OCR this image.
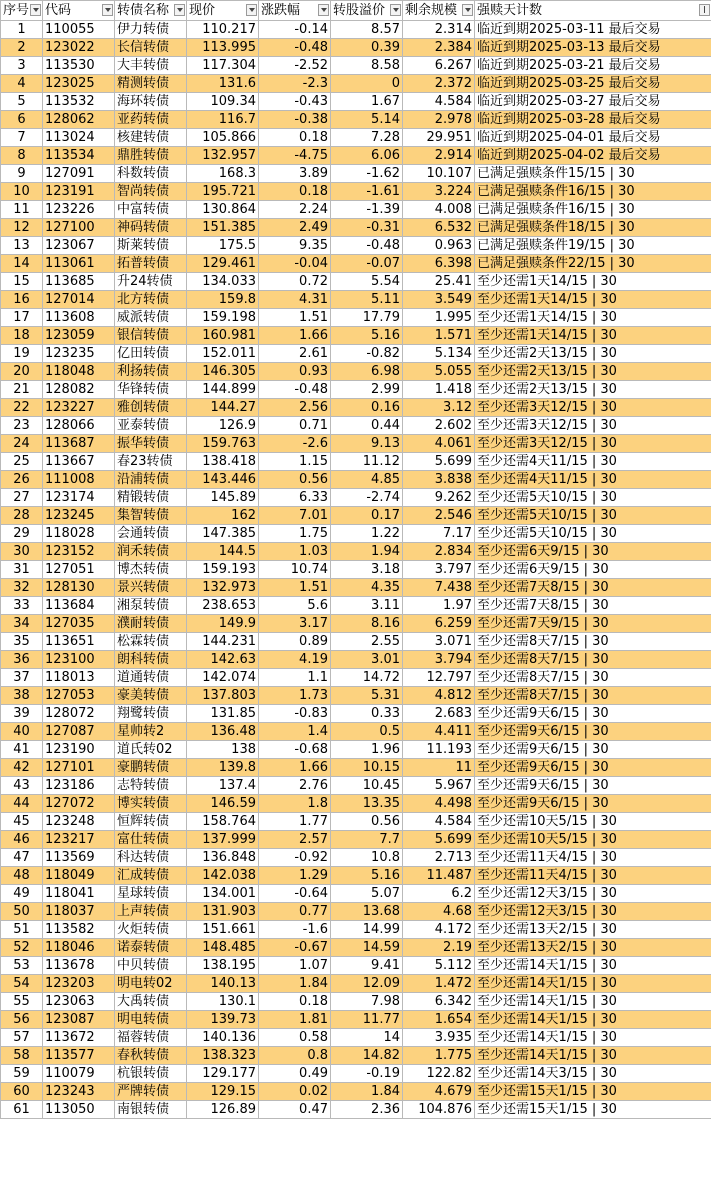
序号	代码	转债名称	现价	涨跌幅	转股溢价	剩余规模	强赎天计数

1	110055	伊力转债	110.217	-0.14	8.57	2.314	临近到期2025-03-11 最后交易
2	123022	长信转债	113.995	-0.48	0.39	2.384	临近到期2025-03-13 最后交易
3	113530	大丰转债	117.304	-2.52	8.58	6.267	临近到期2025-03-21 最后交易
4	123025	精测转债	131.6	-2.3	0	2.372	临近到期2025-03-25 最后交易
5	113532	海环转债	109.34	-0.43	1.67	4.584	临近到期2025-03-27 最后交易
6	128062	亚药转债	116.7	-0.38	5.14	2.978	临近到期2025-03-28 最后交易
7	113024	核建转债	105.866	0.18	7.28	29.951	临近到期2025-04-01 最后交易
8	113534	鼎胜转债	132.957	-4.75	6.06	2.914	临近到期2025-04-02 最后交易
9	127091	科数转债	168.3	3.89	-1.62	10.107	已满足强赎条件15/15 | 30
10	123191	智尚转债	195.721	0.18	-1.61	3.224	已满足强赎条件16/15 | 30
11	123226	中富转债	130.864	2.24	-1.39	4.008	已满足强赎条件16/15 | 30
12	127100	神码转债	151.385	2.49	-0.31	6.532	已满足强赎条件18/15 | 30
13	123067	斯莱转债	175.5	9.35	-0.48	0.963	已满足强赎条件19/15 | 30
14	113061	拓普转债	129.461	-0.04	-0.07	6.398	已满足强赎条件22/15 | 30
15	113685	升24转债	134.033	0.72	5.54	25.41	至少还需1天14/15 | 30
16	127014	北方转债	159.8	4.31	5.11	3.549	至少还需1天14/15 | 30
17	113608	威派转债	159.198	1.51	17.79	1.995	至少还需1天14/15 | 30
18	123059	银信转债	160.981	1.66	5.16	1.571	至少还需1天14/15 | 30
19	123235	亿田转债	152.011	2.61	-0.82	5.134	至少还需2天13/15 | 30
20	118048	利扬转债	146.305	0.93	6.98	5.055	至少还需2天13/15 | 30
21	128082	华锋转债	144.899	-0.48	2.99	1.418	至少还需2天13/15 | 30
22	123227	雅创转债	144.27	2.56	0.16	3.12	至少还需3天12/15 | 30
23	128066	亚泰转债	126.9	0.71	0.44	2.602	至少还需3天12/15 | 30
24	113687	振华转债	159.763	-2.6	9.13	4.061	至少还需3天12/15 | 30
25	113667	春23转债	138.418	1.15	11.12	5.699	至少还需4天11/15 | 30
26	111008	沿浦转债	143.446	0.56	4.85	3.838	至少还需4天11/15 | 30
27	123174	精锻转债	145.89	6.33	-2.74	9.262	至少还需5天10/15 | 30
28	123245	集智转债	162	7.01	0.17	2.546	至少还需5天10/15 | 30
29	118028	会通转债	147.385	1.75	1.22	7.17	至少还需5天10/15 | 30
30	123152	润禾转债	144.5	1.03	1.94	2.834	至少还需6天9/15 | 30
31	127051	博杰转债	159.193	10.74	3.18	3.797	至少还需6天9/15 | 30
32	128130	景兴转债	132.973	1.51	4.35	7.438	至少还需7天8/15 | 30
33	113684	湘泵转债	238.653	5.6	3.11	1.97	至少还需7天8/15 | 30
34	127035	濮耐转债	149.9	3.17	8.16	6.259	至少还需7天9/15 | 30
35	113651	松霖转债	144.231	0.89	2.55	3.071	至少还需8天7/15 | 30
36	123100	朗科转债	142.63	4.19	3.01	3.794	至少还需8天7/15 | 30
37	118013	道通转债	142.074	1.1	14.72	12.797	至少还需8天7/15 | 30
38	127053	豪美转债	137.803	1.73	5.31	4.812	至少还需8天7/15 | 30
39	128072	翔鹭转债	131.85	-0.83	0.33	2.683	至少还需9天6/15 | 30
40	127087	星帅转2	136.48	1.4	0.5	4.411	至少还需9天6/15 | 30
41	123190	道氏转02	138	-0.68	1.96	11.193	至少还需9天6/15 | 30
42	127101	豪鹏转债	139.8	1.66	10.15	11	至少还需9天6/15 | 30
43	123186	志特转债	137.4	2.76	10.45	5.967	至少还需9天6/15 | 30
44	127072	博实转债	146.59	1.8	13.35	4.498	至少还需9天6/15 | 30
45	123248	恒辉转债	158.764	1.77	0.56	4.584	至少还需10天5/15 | 30
46	123217	富仕转债	137.999	2.57	7.7	5.699	至少还需10天5/15 | 30
47	113569	科达转债	136.848	-0.92	10.8	2.713	至少还需11天4/15 | 30
48	118049	汇成转债	142.038	1.29	5.16	11.487	至少还需11天4/15 | 30
49	118041	星球转债	134.001	-0.64	5.07	6.2	至少还需12天3/15 | 30
50	118037	上声转债	131.903	0.77	13.68	4.68	至少还需12天3/15 | 30
51	113582	火炬转债	151.661	-1.6	14.99	4.172	至少还需13天2/15 | 30
52	118046	诺泰转债	148.485	-0.67	14.59	2.19	至少还需13天2/15 | 30
53	113678	中贝转债	138.195	1.07	9.41	5.112	至少还需14天1/15 | 30
54	123203	明电转02	140.13	1.84	12.09	1.472	至少还需14天1/15 | 30
55	123063	大禹转债	130.1	0.18	7.98	6.342	至少还需14天1/15 | 30
56	123087	明电转债	139.73	1.81	11.77	1.654	至少还需14天1/15 | 30
57	113672	福蓉转债	140.136	0.58	14	3.935	至少还需14天1/15 | 30
58	113577	春秋转债	138.323	0.8	14.82	1.775	至少还需14天1/15 | 30
59	110079	杭银转债	129.177	0.49	-0.19	122.82	至少还需14天3/15 | 30
60	123243	严牌转债	129.15	0.02	1.84	4.679	至少还需15天1/15 | 30
61	113050	南银转债	126.89	0.47	2.36	104.876	至少还需15天1/15 | 30
